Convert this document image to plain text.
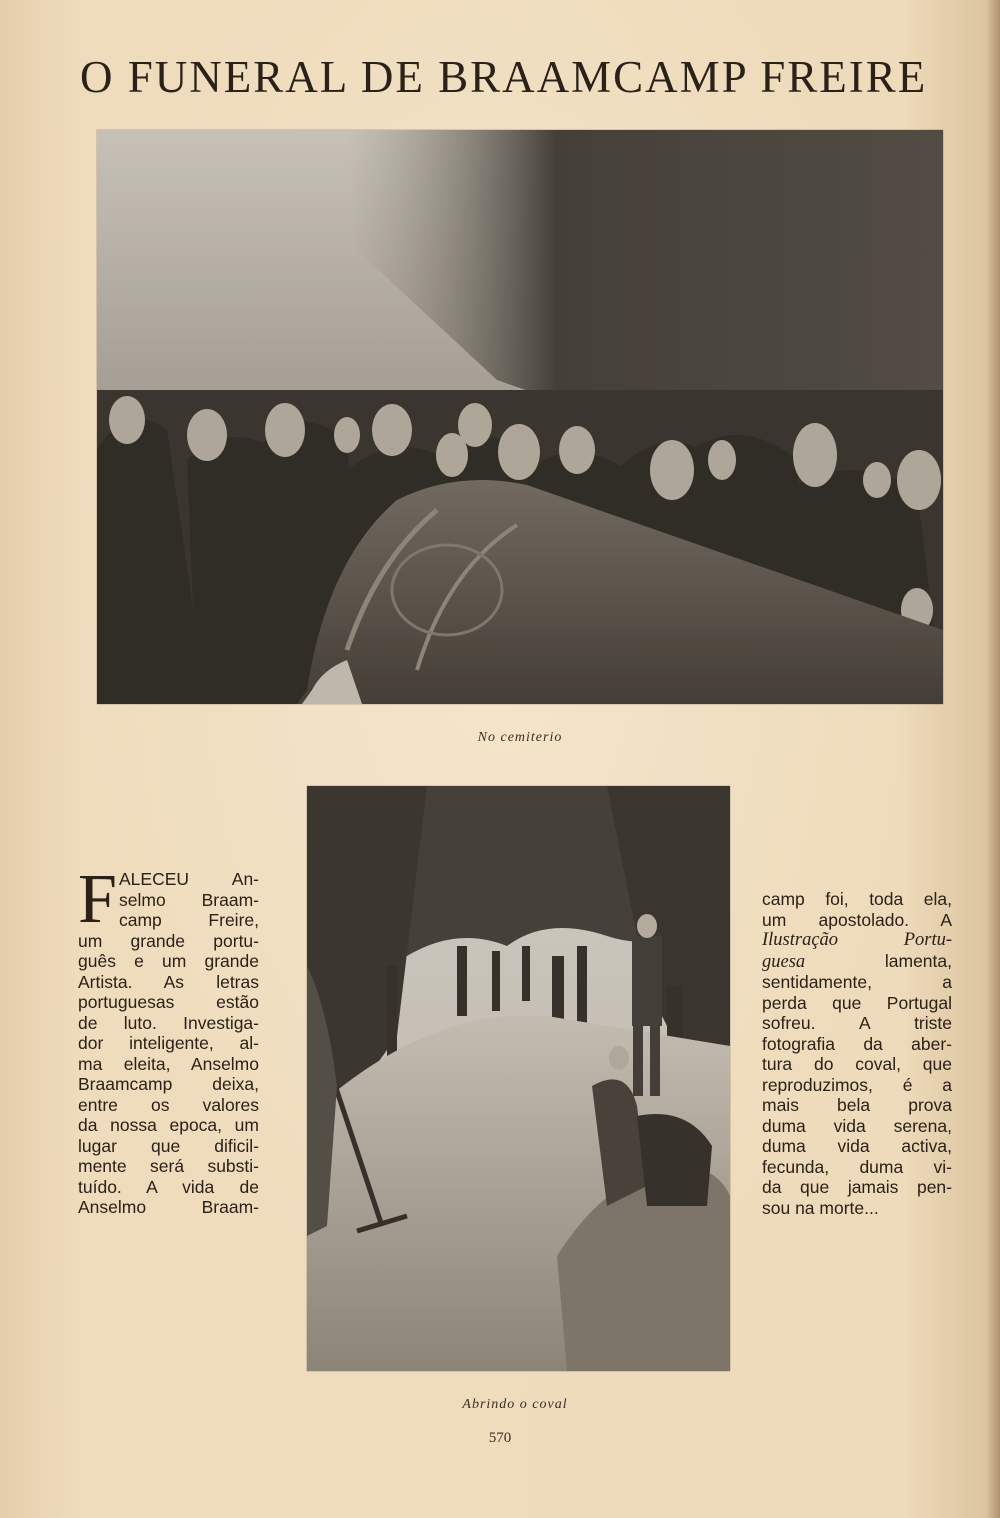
O FUNERAL DE BRAAMCAMP FREIRE
No cemiterio
Abrindo o coval
F ALECEU An-
selmo Braam-
camp Freire,
um grande portu-
guês e um grande
Artista. As letras
portuguesas estão
de luto. Investiga-
dor inteligente, al-
ma eleita, Anselmo
Braamcamp deixa,
entre os valores
da nossa epoca, um
lugar que dificil-
mente será substi-
tuído. A vida de
Anselmo Braam-
camp foi, toda ela,
um apostolado. A
Ilustração Portu-
guesa lamenta,
sentidamente, a
perda que Portugal
sofreu. A triste
fotografia da aber-
tura do coval, que
reproduzimos, é a
mais bela prova
duma vida serena,
duma vida activa,
fecunda, duma vi-
da que jamais pen-
sou na morte...
570
